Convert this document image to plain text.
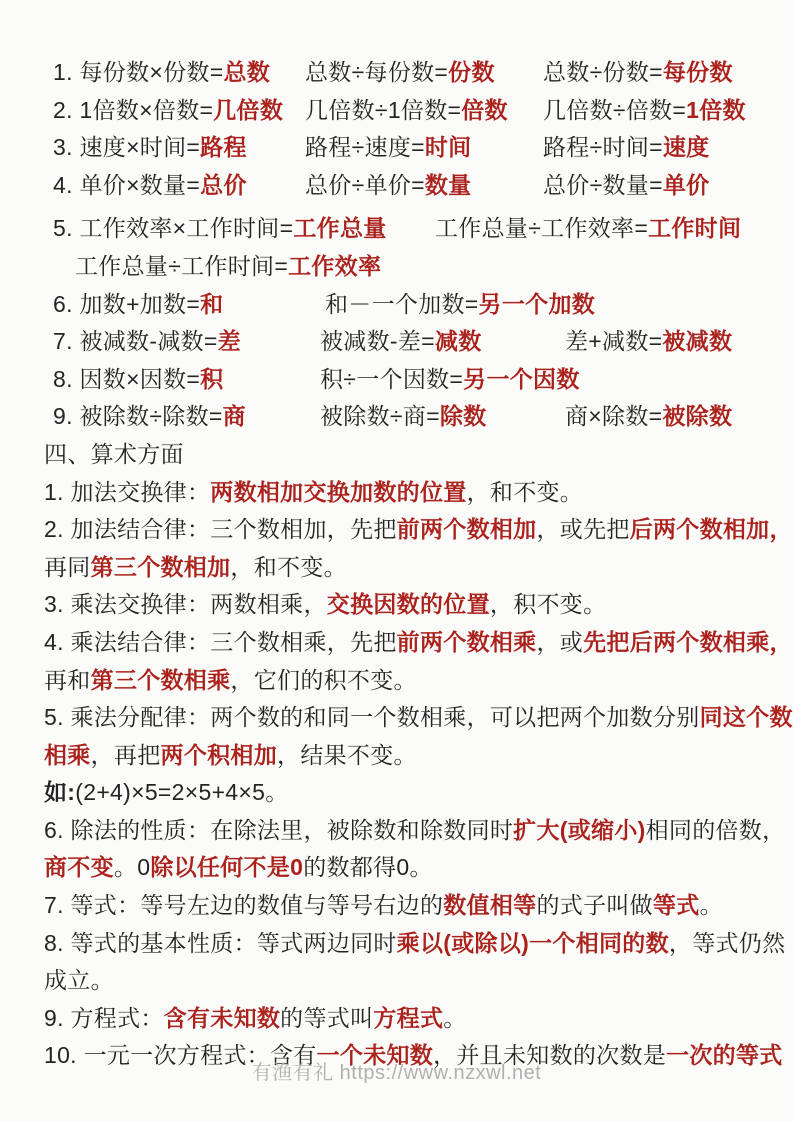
1. 每份数×份数=总数	总数÷每份数=份数	总数÷份数=每份数
2. 1倍数×倍数=几倍数 几倍数÷1倍数=倍数	几倍数÷倍数=1倍数
3. 速度×时间=路程	路程÷速度=时间	路程÷时间=速度
4. 单价×数量=总价	总价÷单价=数量	总价÷数量=单价
5. 工作效率×工作时间=工作总量	工作总量÷工作效率=工作时间
工作总量÷工作时间=工作效率
6. 加数+加数=和	和－一个加数=另一个加数
7. 被减数-减数=差	被减数-差=减数	差+减数=被减数
8. 因数×因数=积	积÷一个因数=另一个因数
9. 被除数÷除数=商	被除数÷商=除数	商×除数=被除数
四、算术方面
1. 加法交换律：两数相加交换加数的位置，和不变。
2. 加法结合律：三个数相加，先把前两个数相加，或先把后两个数相加，
再同第三个数相加，和不变。
3. 乘法交换律：两数相乘，交换因数的位置，积不变。
4. 乘法结合律：三个数相乘，先把前两个数相乘，或先把后两个数相乘，
再和第三个数相乘，它们的积不变。
5. 乘法分配律：两个数的和同一个数相乘，可以把两个加数分别同这个数
相乘，再把两个积相加，结果不变。
如:(2+4)×5=2×5+4×5。
6. 除法的性质：在除法里，被除数和除数同时扩大(或缩小)相同的倍数，
商不变。0除以任何不是0的数都得0。
7. 等式：等号左边的数值与等号右边的数值相等的式子叫做等式。
8. 等式的基本性质：等式两边同时乘以(或除以)一个相同的数，等式仍然
成立。
9. 方程式：含有未知数的等式叫方程式。
10. 一元一次方程式：含有一个未知数，并且未知数的次数是一次的等式
有渔有礼 https://www.nzxwl.net
